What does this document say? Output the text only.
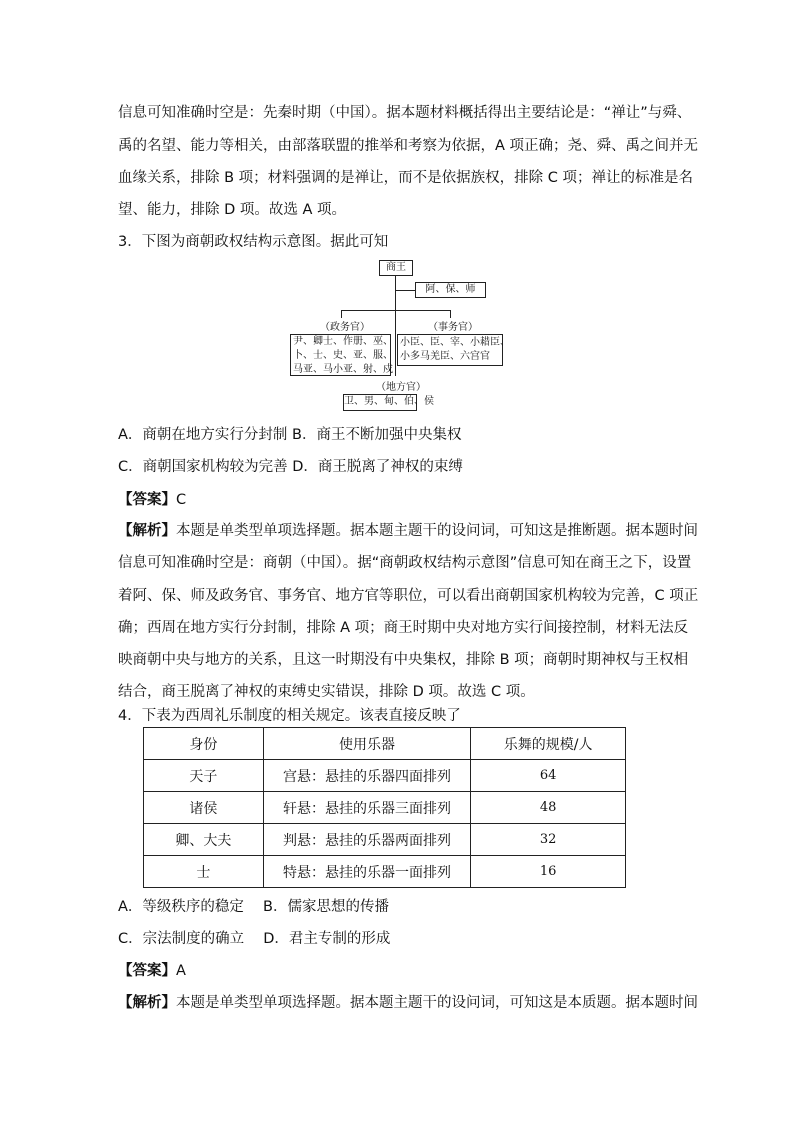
信息可知准确时空是：先秦时期（中国）。据本题材料概括得出主要结论是：“禅让”与舜、
禹的名望、能力等相关，由部落联盟的推举和考察为依据，A 项正确；尧、舜、禹之间并无
血缘关系，排除 B 项；材料强调的是禅让，而不是依据族权，排除 C 项；禅让的标准是名
望、能力，排除 D 项。故选 A 项。
3．下图为商朝政权结构示意图。据此可知
商王
阿、保、师
（政务官）	（事务官）
尹、卿士、作册、巫、
卜、士、史、亚、服、
马亚、马小亚、射、戍
小臣、臣、宰、小耤臣、
小多马羌臣、六宫官
（地方官）
卫、男、甸、伯、侯
A．商朝在地方实行分封制 B．商王不断加强中央集权
C．商朝国家机构较为完善 D．商王脱离了神权的束缚
【答案】C
【解析】本题是单类型单项选择题。据本题主题干的设问词，可知这是推断题。据本题时间
信息可知准确时空是：商朝（中国）。据“商朝政权结构示意图”信息可知在商王之下，设置
着阿、保、师及政务官、事务官、地方官等职位，可以看出商朝国家机构较为完善，C 项正
确；西周在地方实行分封制，排除 A 项；商王时期中央对地方实行间接控制，材料无法反
映商朝中央与地方的关系，且这一时期没有中央集权，排除 B 项；商朝时期神权与王权相
结合，商王脱离了神权的束缚史实错误，排除 D 项。故选 C 项。
4．下表为西周礼乐制度的相关规定。该表直接反映了
身份	使用乐器	乐舞的规模/人
天子	宫悬：悬挂的乐器四面排列	64
诸侯	轩悬：悬挂的乐器三面排列	48
卿、大夫	判悬：悬挂的乐器两面排列	32
士	特悬：悬挂的乐器一面排列	16
A．等级秩序的稳定　 B．儒家思想的传播
C．宗法制度的确立　 D．君主专制的形成
【答案】A
【解析】本题是单类型单项选择题。据本题主题干的设问词，可知这是本质题。据本题时间
